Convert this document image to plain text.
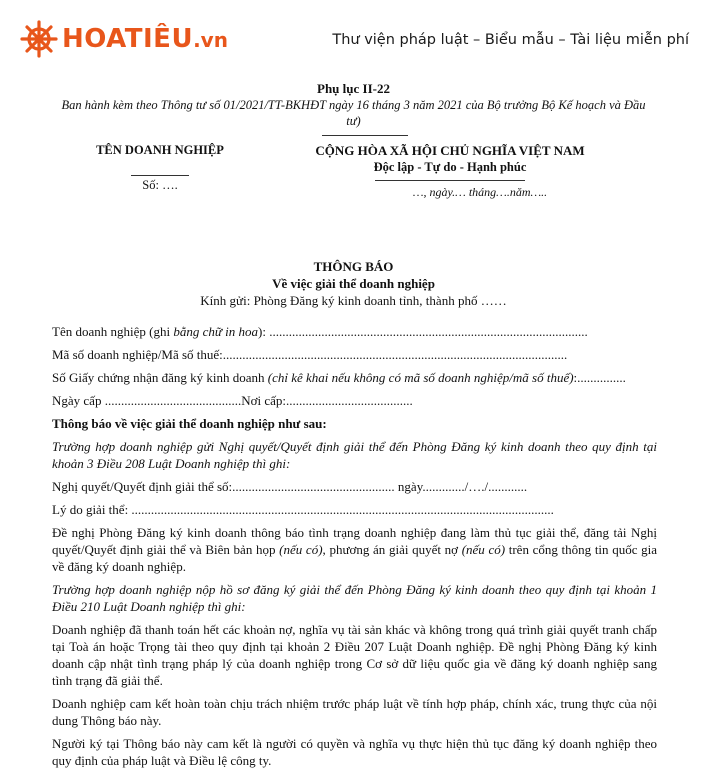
HOATIÊU.vn	Thư viện pháp luật – Biểu mẫu – Tài liệu miễn phí
Phụ lục II-22
Ban hành kèm theo Thông tư số 01/2021/TT-BKHĐT ngày 16 tháng 3 năm 2021 của Bộ trưởng Bộ Kế hoạch và Đầu tư)
TÊN DOANH NGHIỆP
Số: ….
CỘNG HÒA XÃ HỘI CHỦ NGHĨA VIỆT NAM
Độc lập - Tự do - Hạnh phúc
…, ngày.… tháng….năm…..
THÔNG BÁO
Về việc giải thể doanh nghiệp
Kính gửi: Phòng Đăng ký kinh doanh tỉnh, thành phố ……

Tên doanh nghiệp (ghi bằng chữ in hoa): ..................................................................................................

Mã số doanh nghiệp/Mã số thuế:..........................................................................................................

Số Giấy chứng nhận đăng ký kinh doanh (chỉ kê khai nếu không có mã số doanh nghiệp/mã số thuế):...............

Ngày cấp ..........................................Nơi cấp:.......................................

Thông báo về việc giải thể doanh nghiệp như sau:

Trường hợp doanh nghiệp gửi Nghị quyết/Quyết định giải thể đến Phòng Đăng ký kinh doanh theo quy định tại khoản 3 Điều 208 Luật Doanh nghiệp thì ghi:

Nghị quyết/Quyết định giải thể số:.................................................. ngày............./…./............

Lý do giải thể: ..................................................................................................................................

Đề nghị Phòng Đăng ký kinh doanh thông báo tình trạng doanh nghiệp đang làm thủ tục giải thể, đăng tải Nghị quyết/Quyết định giải thể và Biên bản họp (nếu có), phương án giải quyết nợ (nếu có) trên cổng thông tin quốc gia về đăng ký doanh nghiệp.

Trường hợp doanh nghiệp nộp hồ sơ đăng ký giải thể đến Phòng Đăng ký kinh doanh theo quy định tại khoản 1 Điều 210 Luật Doanh nghiệp thì ghi:

Doanh nghiệp đã thanh toán hết các khoản nợ, nghĩa vụ tài sản khác và không trong quá trình giải quyết tranh chấp tại Toà án hoặc Trọng tài theo quy định tại khoản 2 Điều 207 Luật Doanh nghiệp. Đề nghị Phòng Đăng ký kinh doanh cập nhật tình trạng pháp lý của doanh nghiệp trong Cơ sở dữ liệu quốc gia về đăng ký doanh nghiệp sang tình trạng đã giải thể.

Doanh nghiệp cam kết hoàn toàn chịu trách nhiệm trước pháp luật về tính hợp pháp, chính xác, trung thực của nội dung Thông báo này.

Người ký tại Thông báo này cam kết là người có quyền và nghĩa vụ thực hiện thủ tục đăng ký doanh nghiệp theo quy định của pháp luật và Điều lệ công ty.
